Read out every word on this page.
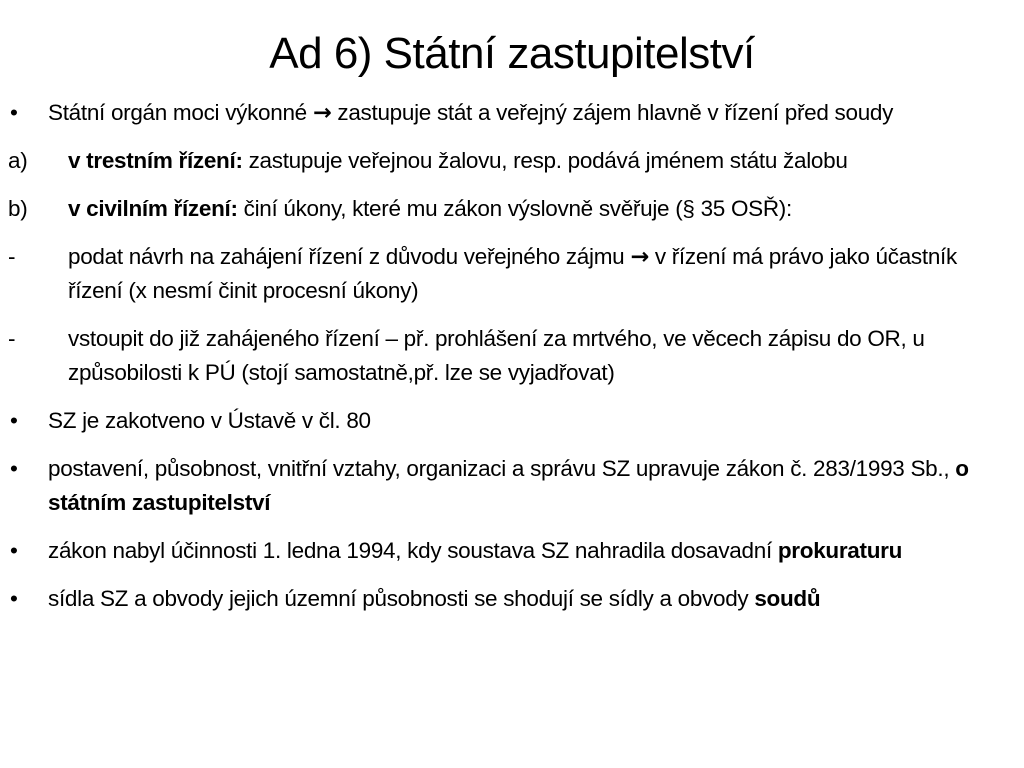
Ad 6) Státní zastupitelství
•	Státní orgán moci výkonné → zastupuje stát a veřejný zájem hlavně v řízení před soudy
a)	v trestním řízení: zastupuje veřejnou žalovu, resp. podává jménem státu žalobu
b)	v civilním řízení: činí úkony, které mu zákon výslovně svěřuje (§ 35 OSŘ):
-	podat návrh na zahájení řízení z důvodu veřejného zájmu → v řízení má právo jako účastník řízení (x nesmí činit procesní úkony)
-	vstoupit do již zahájeného řízení – př. prohlášení za mrtvého, ve věcech zápisu do OR, u způsobilosti k PÚ (stojí samostatně,př. lze se vyjadřovat)
•	SZ je zakotveno v Ústavě v čl. 80
•	postavení, působnost, vnitřní vztahy, organizaci a správu SZ upravuje zákon č. 283/1993 Sb., o státním zastupitelství
•	zákon nabyl účinnosti 1. ledna 1994, kdy soustava SZ nahradila dosavadní prokuraturu
•	sídla SZ a obvody jejich územní působnosti se shodují se sídly a obvody soudů
